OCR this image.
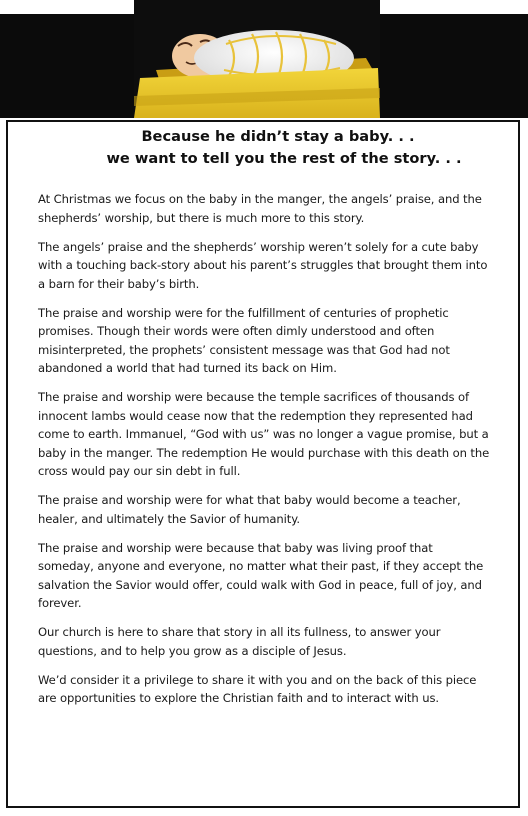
Because he didn’t stay a baby. . .
we want to tell you the rest of the story. . .

At Christmas we focus on the baby in the manger, the angels’ praise, and the shepherds’ worship, but there is much more to this story.

The angels’ praise and the shepherds’ worship weren’t solely for a cute baby with a touching back-story about his parent’s struggles that brought them into a barn for their baby’s birth.

The praise and worship were for the fulfillment of centuries of prophetic promises. Though their words were often dimly understood and often misinterpreted, the prophets’ consistent message was that God had not abandoned a world that had turned its back on Him.

The praise and worship were because the temple sacrifices of thousands of innocent lambs would cease now that the redemption they represented had come to earth. Immanuel, “God with us” was no longer a vague promise, but a baby in the manger. The redemption He would purchase with this death on the cross would pay our sin debt in full.

The praise and worship were for what that baby would become a teacher, healer, and ultimately the Savior of humanity.

The praise and worship were because that baby was living proof that someday, anyone and everyone, no matter what their past, if they accept the salvation the Savior would offer, could walk with God in peace, full of joy, and forever.

Our church is here to share that story in all its fullness, to answer your questions, and to help you grow as a disciple of Jesus.

We’d consider it a privilege to share it with you and on the back of this piece are opportunities to explore the Christian faith and to interact with us.
